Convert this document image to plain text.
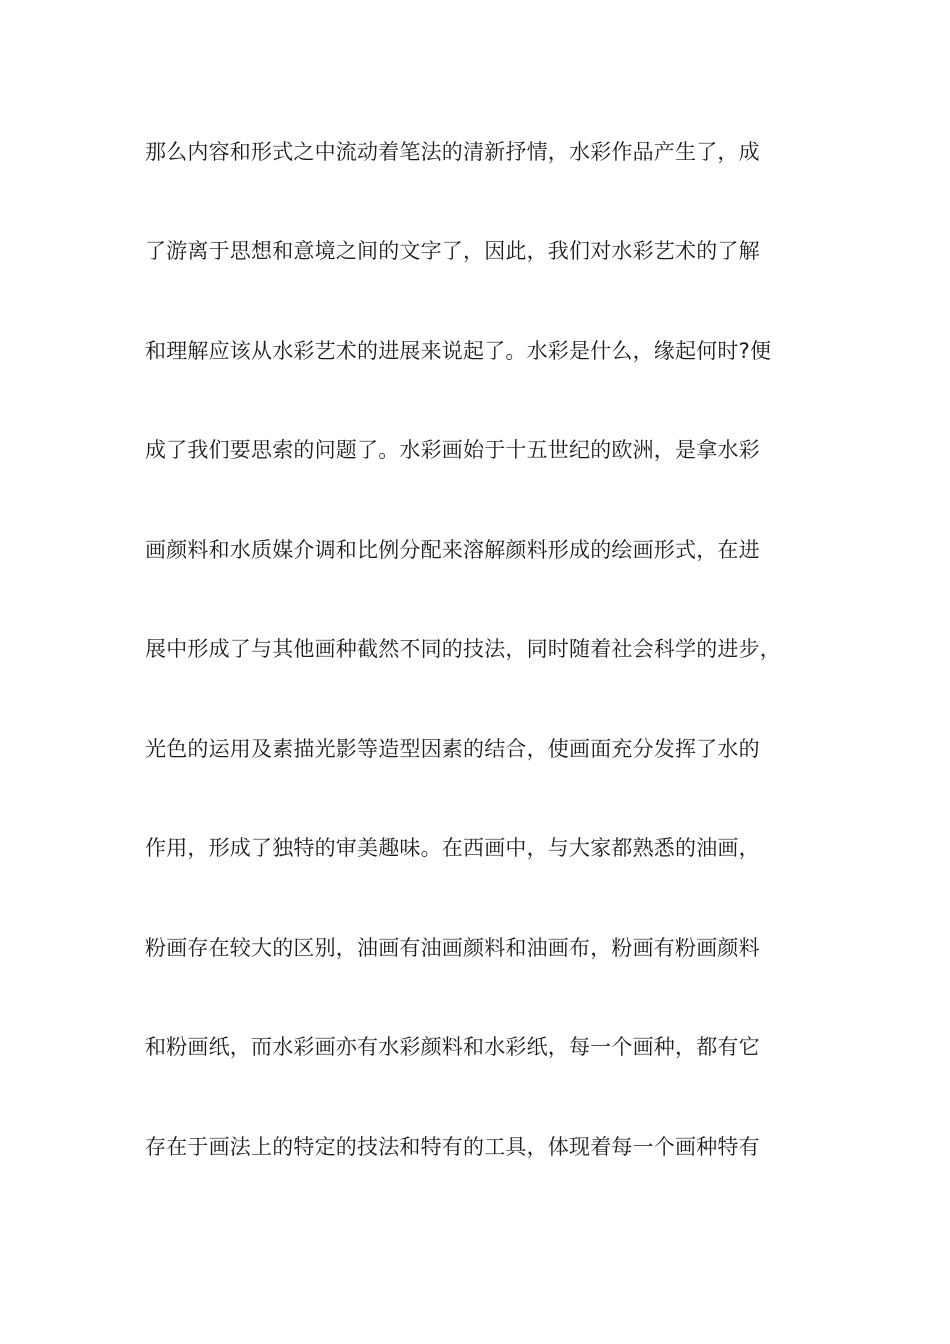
那么内容和形式之中流动着笔法的清新抒情，水彩作品产生了，成
了游离于思想和意境之间的文字了，因此，我们对水彩艺术的了解
和理解应该从水彩艺术的进展来说起了。水彩是什么，缘起何时?便
成了我们要思索的问题了。水彩画始于十五世纪的欧洲，是拿水彩
画颜料和水质媒介调和比例分配来溶解颜料形成的绘画形式，在进
展中形成了与其他画种截然不同的技法，同时随着社会科学的进步，
光色的运用及素描光影等造型因素的结合，使画面充分发挥了水的
作用，形成了独特的审美趣味。在西画中，与大家都熟悉的油画，
粉画存在较大的区别，油画有油画颜料和油画布，粉画有粉画颜料
和粉画纸，而水彩画亦有水彩颜料和水彩纸，每一个画种，都有它
存在于画法上的特定的技法和特有的工具，体现着每一个画种特有
